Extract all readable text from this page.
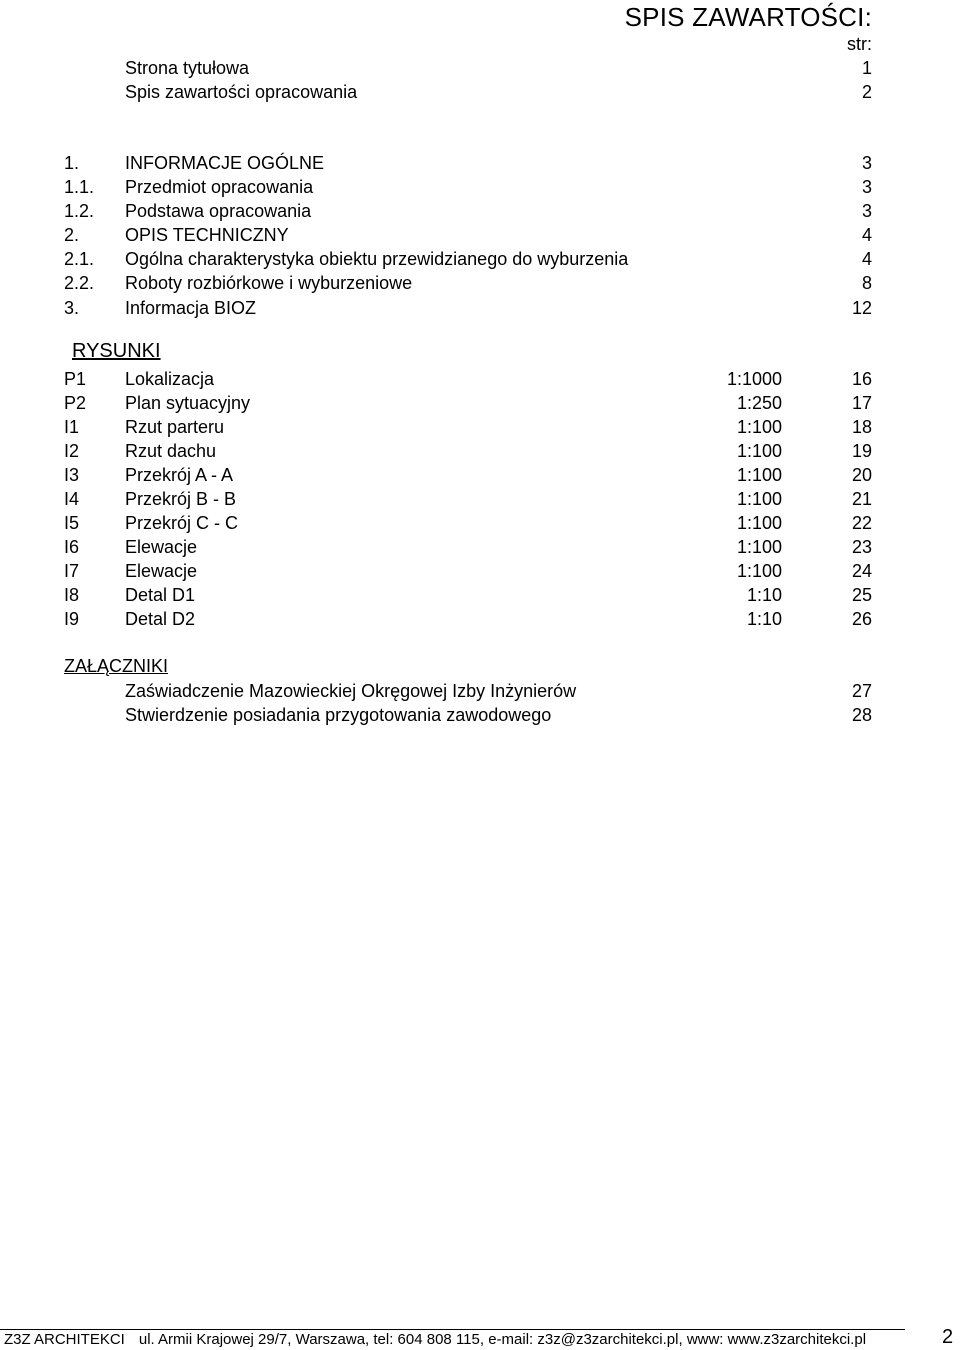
SPIS ZAWARTOŚCI:
str:
Strona tytułowa	1
Spis zawartości opracowania	2
1.	INFORMACJE OGÓLNE	3
1.1. Przedmiot opracowania	3
1.2. Podstawa opracowania	3
2.	OPIS TECHNICZNY	4
2.1. Ogólna charakterystyka obiektu przewidzianego do wyburzenia	4
2.2. Roboty rozbiórkowe i wyburzeniowe	8
3.	Informacja BIOZ	12
RYSUNKI
P1 Lokalizacja	1:1000	16
P2 Plan sytuacyjny	1:250	17
I1	Rzut parteru	1:100	18
I2	Rzut dachu	1:100	19
I3	Przekrój A - A	1:100	20
I4	Przekrój B - B	1:100	21
I5	Przekrój C - C	1:100	22
I6	Elewacje	1:100	23
I7	Elewacje	1:100	24
I8	Detal D1	1:10	25
I9	Detal D2	1:10	26
ZAŁĄCZNIKI
Zaświadczenie Mazowieckiej Okręgowej Izby Inżynierów	27
Stwierdzenie posiadania przygotowania zawodowego	28
Z3Z ARCHITEKCI ul. Armii Krajowej 29/7, Warszawa, tel: 604 808 115, e-mail: z3z@z3zarchitekci.pl, www: www.z3zarchitekci.pl	2
